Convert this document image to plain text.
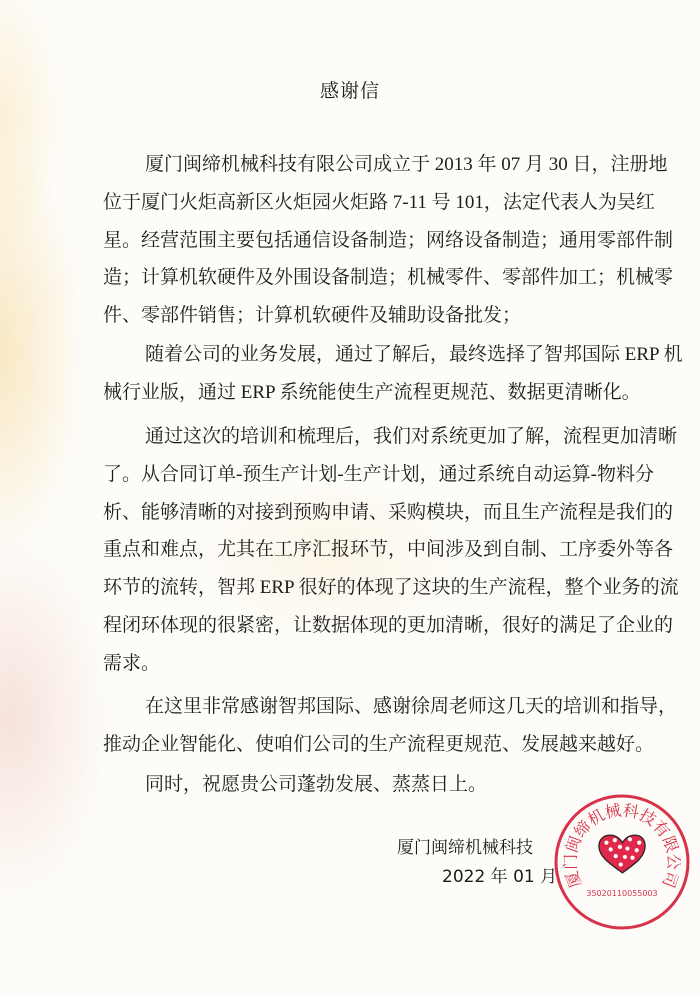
感谢信
厦门闽缔机械科技有限公司成立于 2013 年 07 月 30 日，注册地
位于厦门火炬高新区火炬园火炬路 7-11 号 101，法定代表人为吴红
星。经营范围主要包括通信设备制造；网络设备制造；通用零部件制
造；计算机软硬件及外围设备制造；机械零件、零部件加工；机械零
件、零部件销售；计算机软硬件及辅助设备批发；
随着公司的业务发展，通过了解后，最终选择了智邦国际 ERP 机
械行业版，通过 ERP 系统能使生产流程更规范、数据更清晰化。
通过这次的培训和梳理后，我们对系统更加了解，流程更加清晰
了。从合同订单-预生产计划-生产计划，通过系统自动运算-物料分
析、能够清晰的对接到预购申请、采购模块，而且生产流程是我们的
重点和难点，尤其在工序汇报环节，中间涉及到自制、工序委外等各
环节的流转，智邦 ERP 很好的体现了这块的生产流程，整个业务的流
程闭环体现的很紧密，让数据体现的更加清晰，很好的满足了企业的
需求。
在这里非常感谢智邦国际、感谢徐周老师这几天的培训和指导，
推动企业智能化、使咱们公司的生产流程更规范、发展越来越好。
同时，祝愿贵公司蓬勃发展、蒸蒸日上。
厦门闽缔机械科技
2022 年 01 月 厦门闽缔机械科技有限公司
35020110055003
